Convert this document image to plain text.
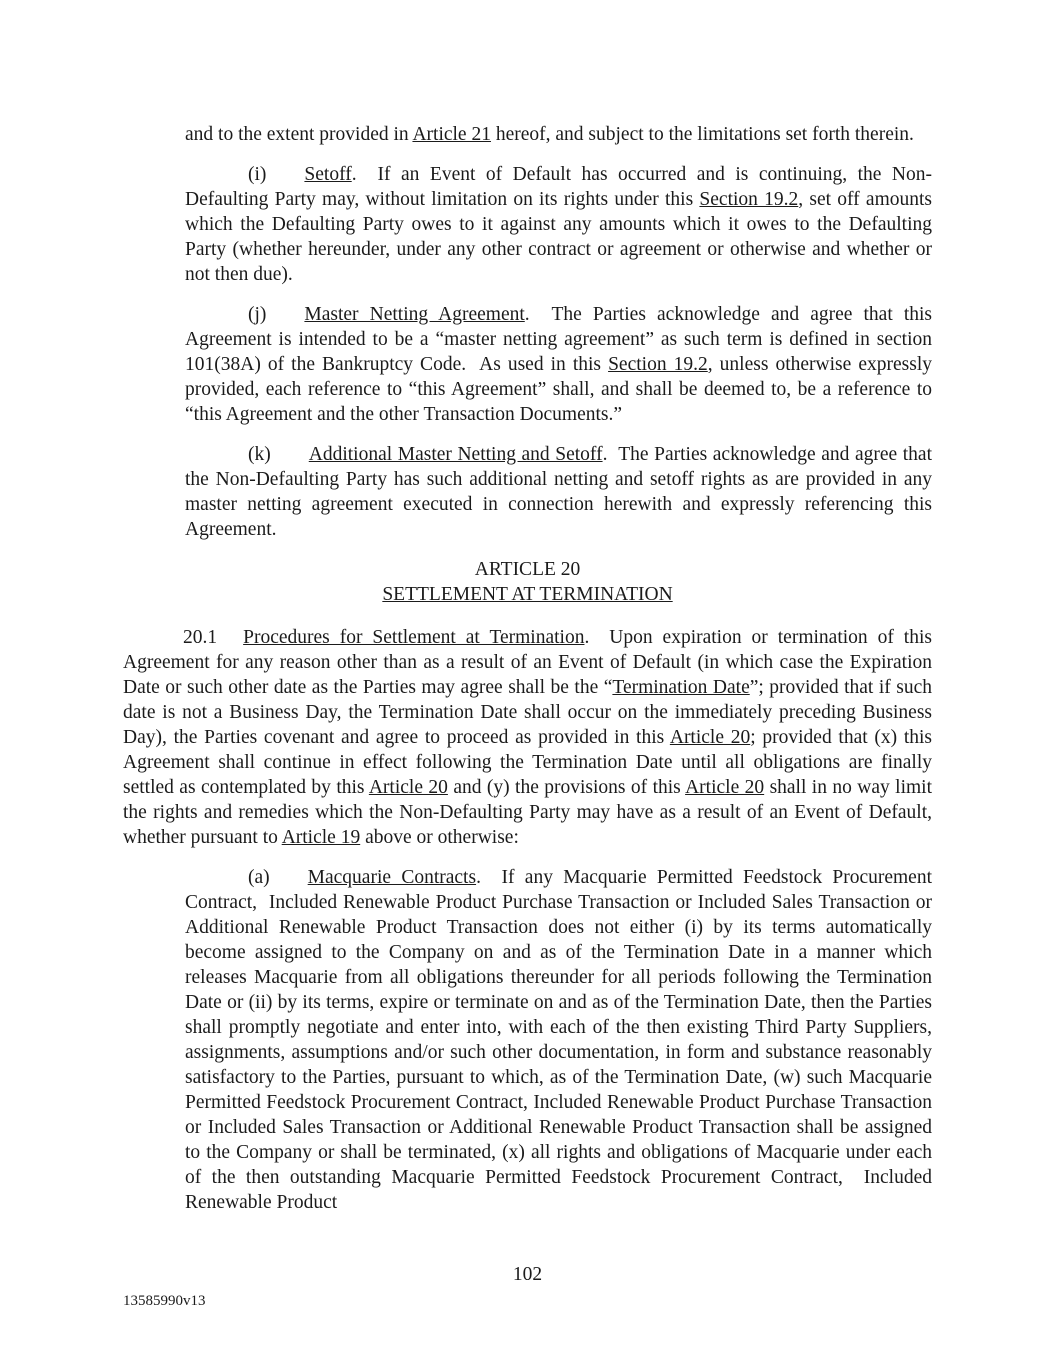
and to the extent provided in Article 21 hereof, and subject to the limitations set forth therein.

(i) Setoff.  If an Event of Default has occurred and is continuing, the Non-Defaulting Party may, without limitation on its rights under this Section 19.2, set off amounts which the Defaulting Party owes to it against any amounts which it owes to the Defaulting Party (whether hereunder, under any other contract or agreement or otherwise and whether or not then due).

(j) Master Netting Agreement.  The Parties acknowledge and agree that this Agreement is intended to be a “master netting agreement” as such term is defined in section 101(38A) of the Bankruptcy Code.  As used in this Section 19.2, unless otherwise expressly provided, each reference to “this Agreement” shall, and shall be deemed to, be a reference to “this Agreement and the other Transaction Documents.”

(k) Additional Master Netting and Setoff.  The Parties acknowledge and agree that the Non-Defaulting Party has such additional netting and setoff rights as are provided in any master netting agreement executed in connection herewith and expressly referencing this Agreement.

ARTICLE 20
SETTLEMENT AT TERMINATION

20.1 Procedures for Settlement at Termination.  Upon expiration or termination of this Agreement for any reason other than as a result of an Event of Default (in which case the Expiration Date or such other date as the Parties may agree shall be the “Termination Date”; provided that if such date is not a Business Day, the Termination Date shall occur on the immediately preceding Business Day), the Parties covenant and agree to proceed as provided in this Article 20; provided that (x) this Agreement shall continue in effect following the Termination Date until all obligations are finally settled as contemplated by this Article 20 and (y) the provisions of this Article 20 shall in no way limit the rights and remedies which the Non-Defaulting Party may have as a result of an Event of Default, whether pursuant to Article 19 above or otherwise:

(a) Macquarie Contracts.  If any Macquarie Permitted Feedstock Procurement Contract,  Included Renewable Product Purchase Transaction or Included Sales Transaction or Additional Renewable Product Transaction does not either (i) by its terms automatically become assigned to the Company on and as of the Termination Date in a manner which releases Macquarie from all obligations thereunder for all periods following the Termination Date or (ii) by its terms, expire or terminate on and as of the Termination Date, then the Parties shall promptly negotiate and enter into, with each of the then existing Third Party Suppliers, assignments, assumptions and/or such other documentation, in form and substance reasonably satisfactory to the Parties, pursuant to which, as of the Termination Date, (w) such Macquarie Permitted Feedstock Procurement Contract, Included Renewable Product Purchase Transaction or Included Sales Transaction or Additional Renewable Product Transaction shall be assigned to the Company or shall be terminated, (x) all rights and obligations of Macquarie under each of the then outstanding Macquarie Permitted Feedstock Procurement Contract,  Included Renewable Product

102
13585990v13
